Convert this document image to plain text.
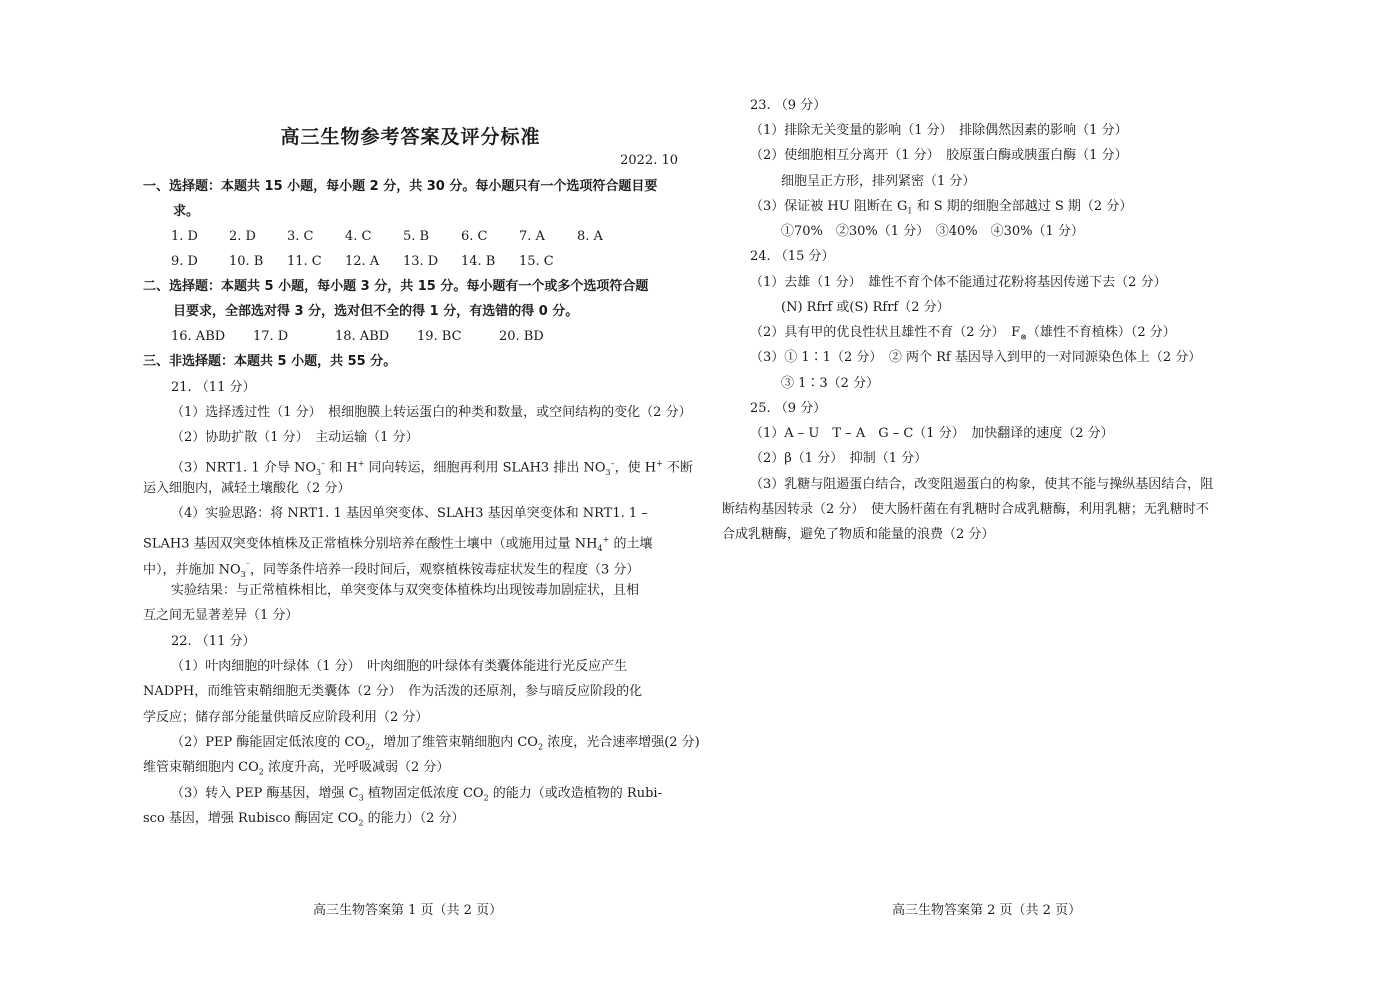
高三生物参考答案及评分标准
2022. 10
一、选择题：本题共 15 小题，每小题 2 分，共 30 分。每小题只有一个选项符合题目要
求。
1. D 2. D 3. C 4. C 5. B 6. C 7. A 8. A
9. D 10. B 11. C 12. A 13. D 14. B 15. C
二、选择题：本题共 5 小题，每小题 3 分，共 15 分。每小题有一个或多个选项符合题
目要求，全部选对得 3 分，选对但不全的得 1 分，有选错的得 0 分。
16. ABD 17. D	18. ABD 19. BC	20. BD
三、非选择题：本题共 5 小题，共 55 分。
21. （11 分）
（1）选择透过性（1 分）　根细胞膜上转运蛋白的种类和数量，或空间结构的变化（2 分）
（2）协助扩散（1 分）　主动运输（1 分）
（3）NRT1. 1 介导 $NO_3^-$ 和 H+ 同向转运，细胞再利用 SLAH3 排出 $NO_3^-$，使 H+ 不断
运入细胞内，减轻土壤酸化（2 分）
（4）实验思路：将 NRT1. 1 基因单突变体、SLAH3 基因单突变体和 NRT1. 1 –
SLAH3 基因双突变体植株及正常植株分别培养在酸性土壤中（或施用过量 $NH_4^+$ 的土壤
中），并施加 $NO_3^{^-}$，同等条件培养一段时间后，观察植株铵毒症状发生的程度（3 分）
实验结果：与正常植株相比，单突变体与双突变体植株均出现铵毒加剧症状，且相
互之间无显著差异（1 分）
22. （11 分）
（1）叶肉细胞的叶绿体（1 分）　叶肉细胞的叶绿体有类囊体能进行光反应产生
NADPH，而维管束鞘细胞无类囊体（2 分）　作为活泼的还原剂，参与暗反应阶段的化
学反应；储存部分能量供暗反应阶段利用（2 分）
（2）PEP 酶能固定低浓度的 $CO_2$，增加了维管束鞘细胞内 $CO_2$ 浓度，光合速率增强(2 分)
维管束鞘细胞内 $CO_2$ 浓度升高，光呼吸减弱（2 分）
（3）转入 PEP 酶基因，增强 $C_3$ 植物固定低浓度 $CO_2$ 的能力（或改造植物的 Rubi-
sco 基因，增强 Rubisco 酶固定 $CO_2$ 的能力）（2 分）
高三生物答案第 1 页（共 2 页）
23. （9 分）
（1）排除无关变量的影响（1 分）　排除偶然因素的影响（1 分）
（2）使细胞相互分离开（1 分）　胶原蛋白酶或胰蛋白酶（1 分）
细胞呈正方形，排列紧密（1 分）
（3）保证被 HU 阻断在 $G_1$ 和 S 期的细胞全部越过 S 期（2 分）
①70%　②30%（1 分）　③40%　④30%（1 分）
24. （15 分）
（1）去雄（1 分）　雄性不育个体不能通过花粉将基因传递下去（2 分）
(N) Rfrf 或(S) Rfrf（2 分）
（2）具有甲的优良性状且雄性不育（2 分）　$F_\otimes$（雄性不育植株）（2 分）
（3）① 1∶1（2 分）　② 两个 Rf 基因导入到甲的一对同源染色体上（2 分）
③ 1∶3（2 分）
25. （9 分）
（1）A – U　T – A　G – C（1 分）　加快翻译的速度（2 分）
（2）β（1 分）　抑制（1 分）
（3）乳糖与阻遏蛋白结合，改变阻遏蛋白的构象，使其不能与操纵基因结合，阻
断结构基因转录（2 分）　使大肠杆菌在有乳糖时合成乳糖酶，利用乳糖；无乳糖时不
合成乳糖酶，避免了物质和能量的浪费（2 分）
高三生物答案第 2 页（共 2 页）
